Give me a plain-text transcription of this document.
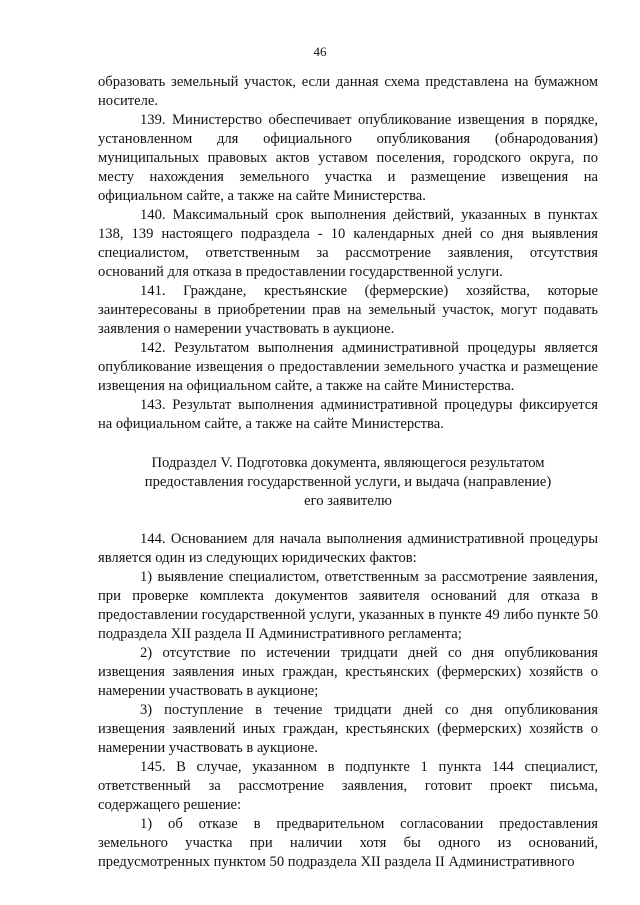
46

образовать земельный участок, если данная схема представлена на бумажном носителе.

139. Министерство обеспечивает опубликование извещения в порядке, установленном для официального опубликования (обнародования) муниципальных правовых актов уставом поселения, городского округа, по месту нахождения земельного участка и размещение извещения на официальном сайте, а также на сайте Министерства.

140. Максимальный срок выполнения действий, указанных в пунктах 138, 139 настоящего подраздела - 10 календарных дней со дня выявления специалистом, ответственным за рассмотрение заявления, отсутствия оснований для отказа в предоставлении государственной услуги.

141. Граждане, крестьянские (фермерские) хозяйства, которые заинтересованы в приобретении прав на земельный участок, могут подавать заявления о намерении участвовать в аукционе.

142. Результатом выполнения административной процедуры является опубликование извещения о предоставлении земельного участка и размещение извещения на официальном сайте, а также на сайте Министерства.

143. Результат выполнения административной процедуры фиксируется на официальном сайте, а также на сайте Министерства.

Подраздел V. Подготовка документа, являющегося результатом
предоставления государственной услуги, и выдача (направление)
его заявителю

144. Основанием для начала выполнения административной процедуры является один из следующих юридических фактов:

1) выявление специалистом, ответственным за рассмотрение заявления, при проверке комплекта документов заявителя оснований для отказа в предоставлении государственной услуги, указанных в пункте 49 либо пункте 50 подраздела XII раздела II Административного регламента;

2) отсутствие по истечении тридцати дней со дня опубликования извещения заявления иных граждан, крестьянских (фермерских) хозяйств о намерении участвовать в аукционе;

3) поступление в течение тридцати дней со дня опубликования извещения заявлений иных граждан, крестьянских (фермерских) хозяйств о намерении участвовать в аукционе.

145. В случае, указанном в подпункте 1 пункта 144 специалист, ответственный за рассмотрение заявления, готовит проект письма, содержащего решение:

1) об отказе в предварительном согласовании предоставления земельного участка при наличии хотя бы одного из оснований, предусмотренных пунктом 50 подраздела XII раздела II Административного
